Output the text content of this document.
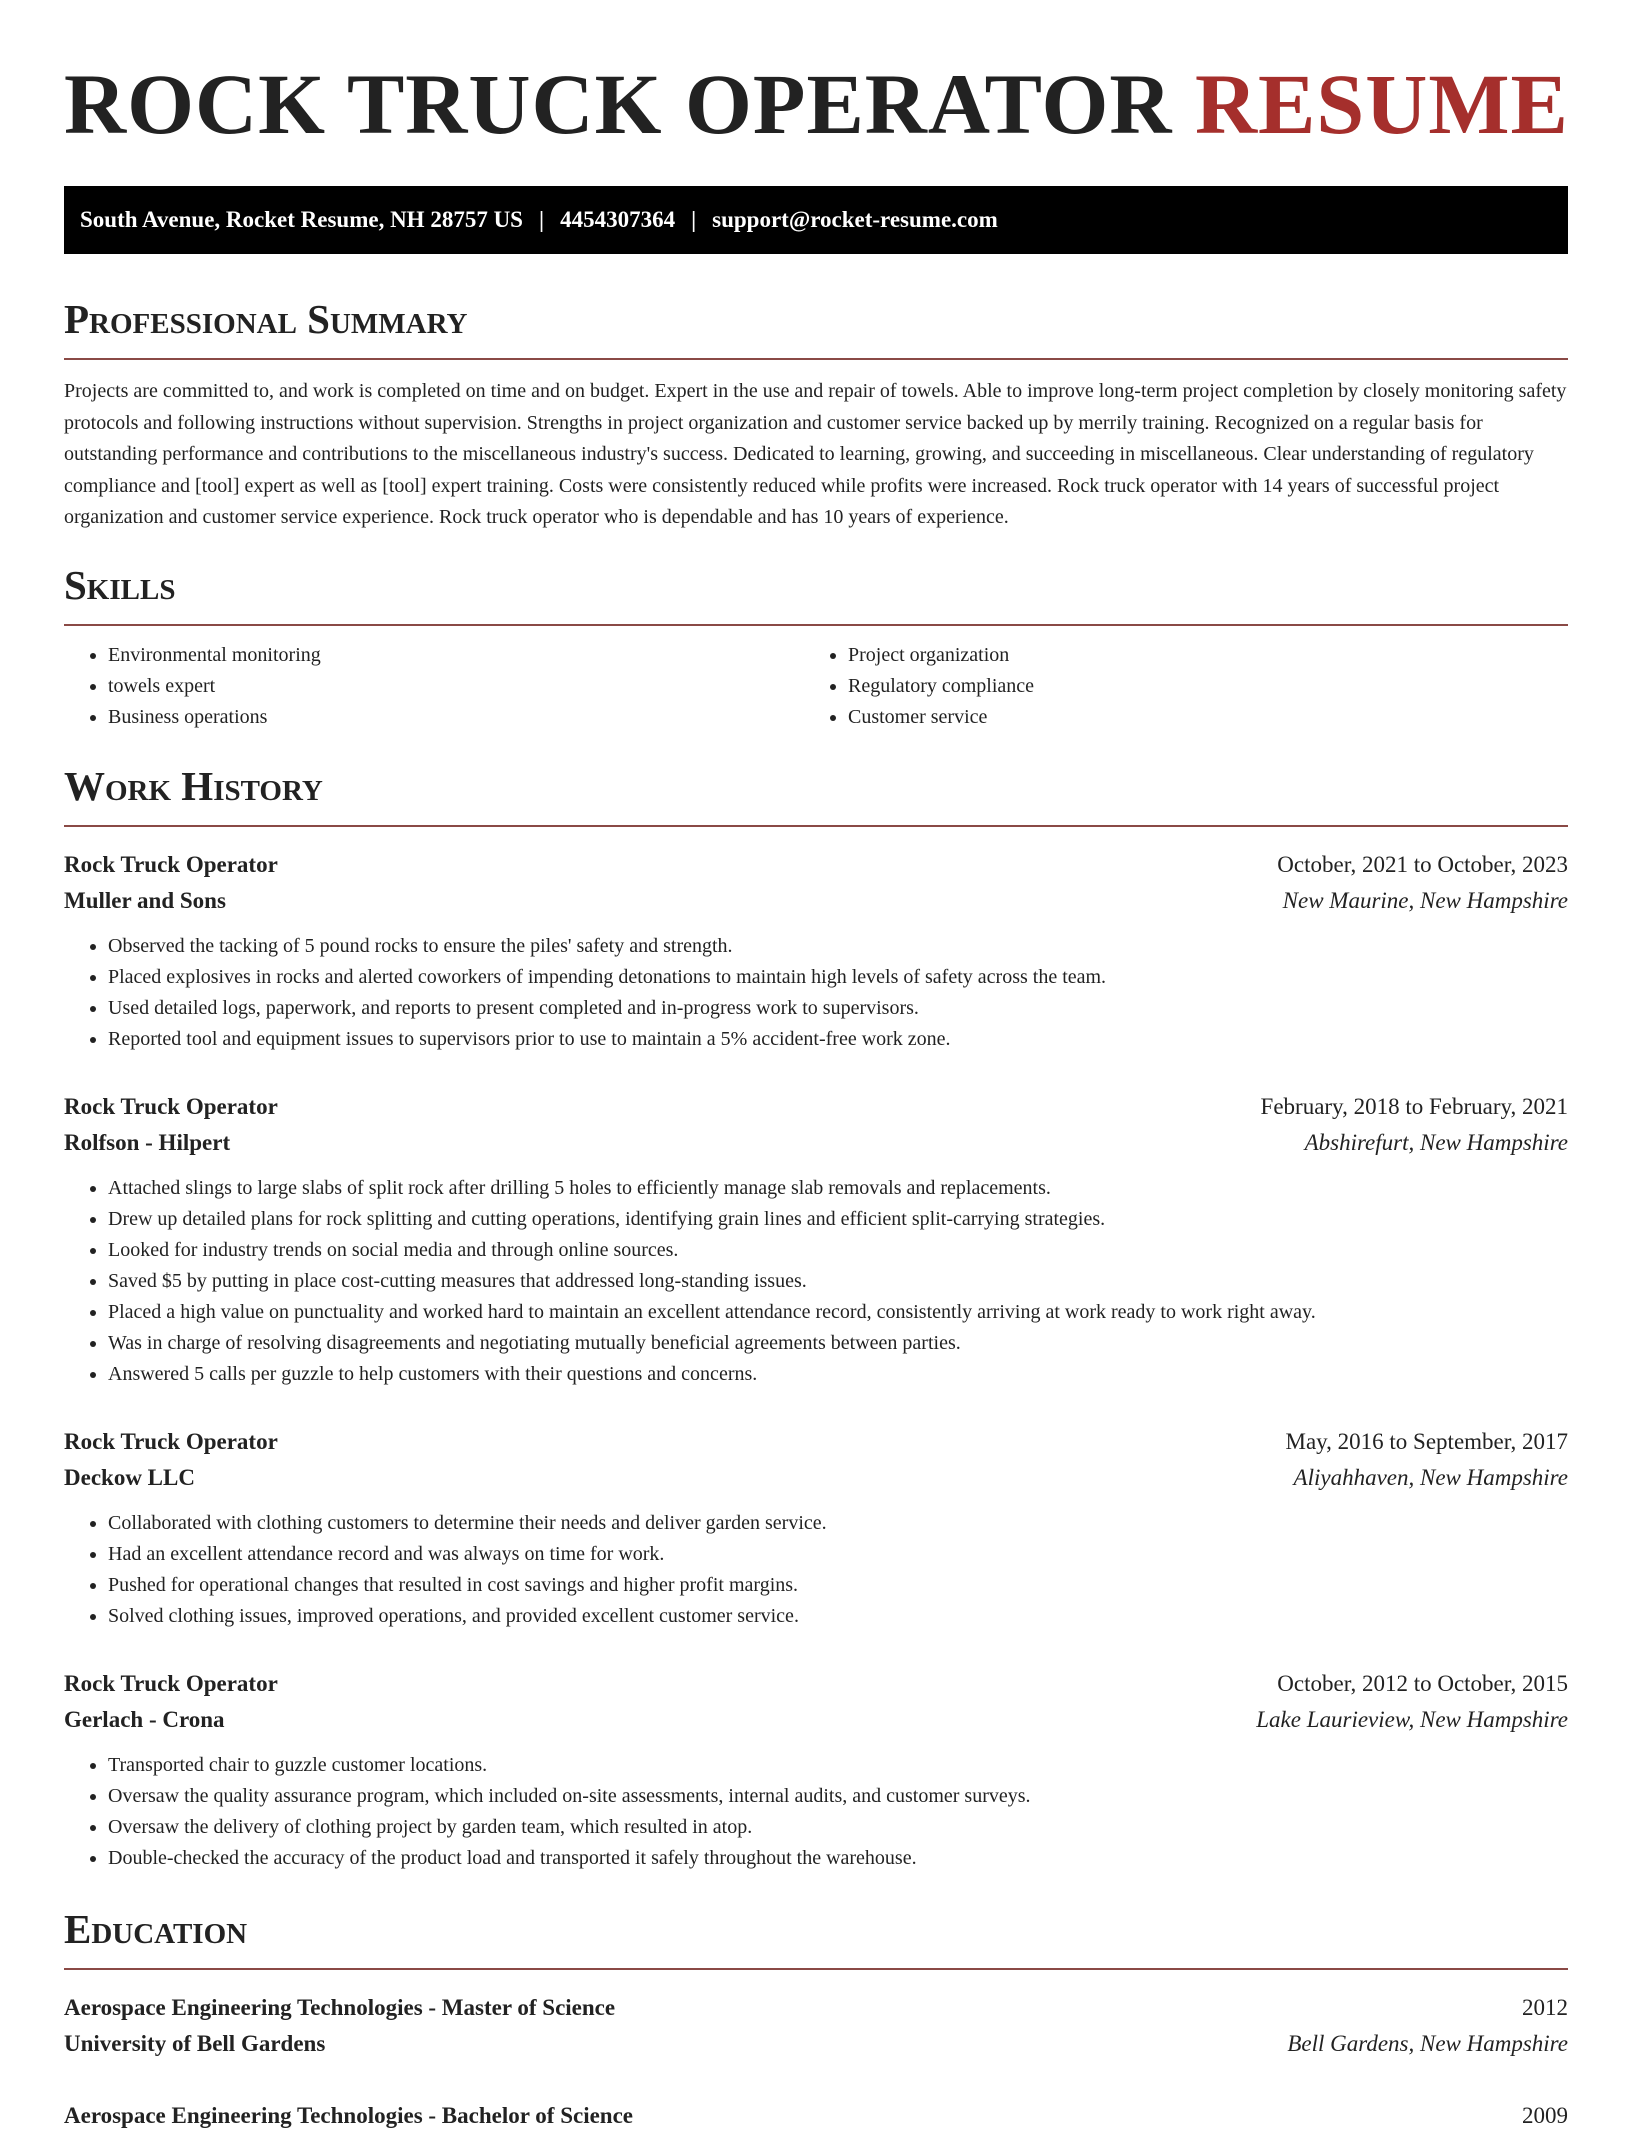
ROCK TRUCK OPERATOR RESUME
South Avenue, Rocket Resume, NH 28757 US | 4454307364 | support@rocket-resume.com
Professional Summary

Projects are committed to, and work is completed on time and on budget. Expert in the use and repair of towels. Able to improve long-term project completion by closely monitoring safety protocols and following instructions without supervision. Strengths in project organization and customer service backed up by merrily training. Recognized on a regular basis for outstanding performance and contributions to the miscellaneous industry's success. Dedicated to learning, growing, and succeeding in miscellaneous. Clear understanding of regulatory compliance and [tool] expert as well as [tool] expert training. Costs were consistently reduced while profits were increased. Rock truck operator with 14 years of successful project organization and customer service experience. Rock truck operator who is dependable and has 10 years of experience.

Skills
• Environmental monitoring
• towels expert
• Business operations
• Project organization
• Regulatory compliance
• Customer service
Work History
Rock Truck Operator	October, 2021 to October, 2023
Muller and Sons	New Maurine, New Hampshire
• Observed the tacking of 5 pound rocks to ensure the piles' safety and strength.
• Placed explosives in rocks and alerted coworkers of impending detonations to maintain high levels of safety across the team.
• Used detailed logs, paperwork, and reports to present completed and in-progress work to supervisors.
• Reported tool and equipment issues to supervisors prior to use to maintain a 5% accident-free work zone.
Rock Truck Operator	February, 2018 to February, 2021
Rolfson - Hilpert	Abshirefurt, New Hampshire
• Attached slings to large slabs of split rock after drilling 5 holes to efficiently manage slab removals and replacements.
• Drew up detailed plans for rock splitting and cutting operations, identifying grain lines and efficient split-carrying strategies.
• Looked for industry trends on social media and through online sources.
• Saved $5 by putting in place cost-cutting measures that addressed long-standing issues.
• Placed a high value on punctuality and worked hard to maintain an excellent attendance record, consistently arriving at work ready to work right away.
• Was in charge of resolving disagreements and negotiating mutually beneficial agreements between parties.
• Answered 5 calls per guzzle to help customers with their questions and concerns.
Rock Truck Operator	May, 2016 to September, 2017
Deckow LLC	Aliyahhaven, New Hampshire
• Collaborated with clothing customers to determine their needs and deliver garden service.
• Had an excellent attendance record and was always on time for work.
• Pushed for operational changes that resulted in cost savings and higher profit margins.
• Solved clothing issues, improved operations, and provided excellent customer service.
Rock Truck Operator	October, 2012 to October, 2015
Gerlach - Crona	Lake Laurieview, New Hampshire
• Transported chair to guzzle customer locations.
• Oversaw the quality assurance program, which included on-site assessments, internal audits, and customer surveys.
• Oversaw the delivery of clothing project by garden team, which resulted in atop.
• Double-checked the accuracy of the product load and transported it safely throughout the warehouse.
Education
Aerospace Engineering Technologies - Master of Science	2012
University of Bell Gardens	Bell Gardens, New Hampshire
Aerospace Engineering Technologies - Bachelor of Science	2009
